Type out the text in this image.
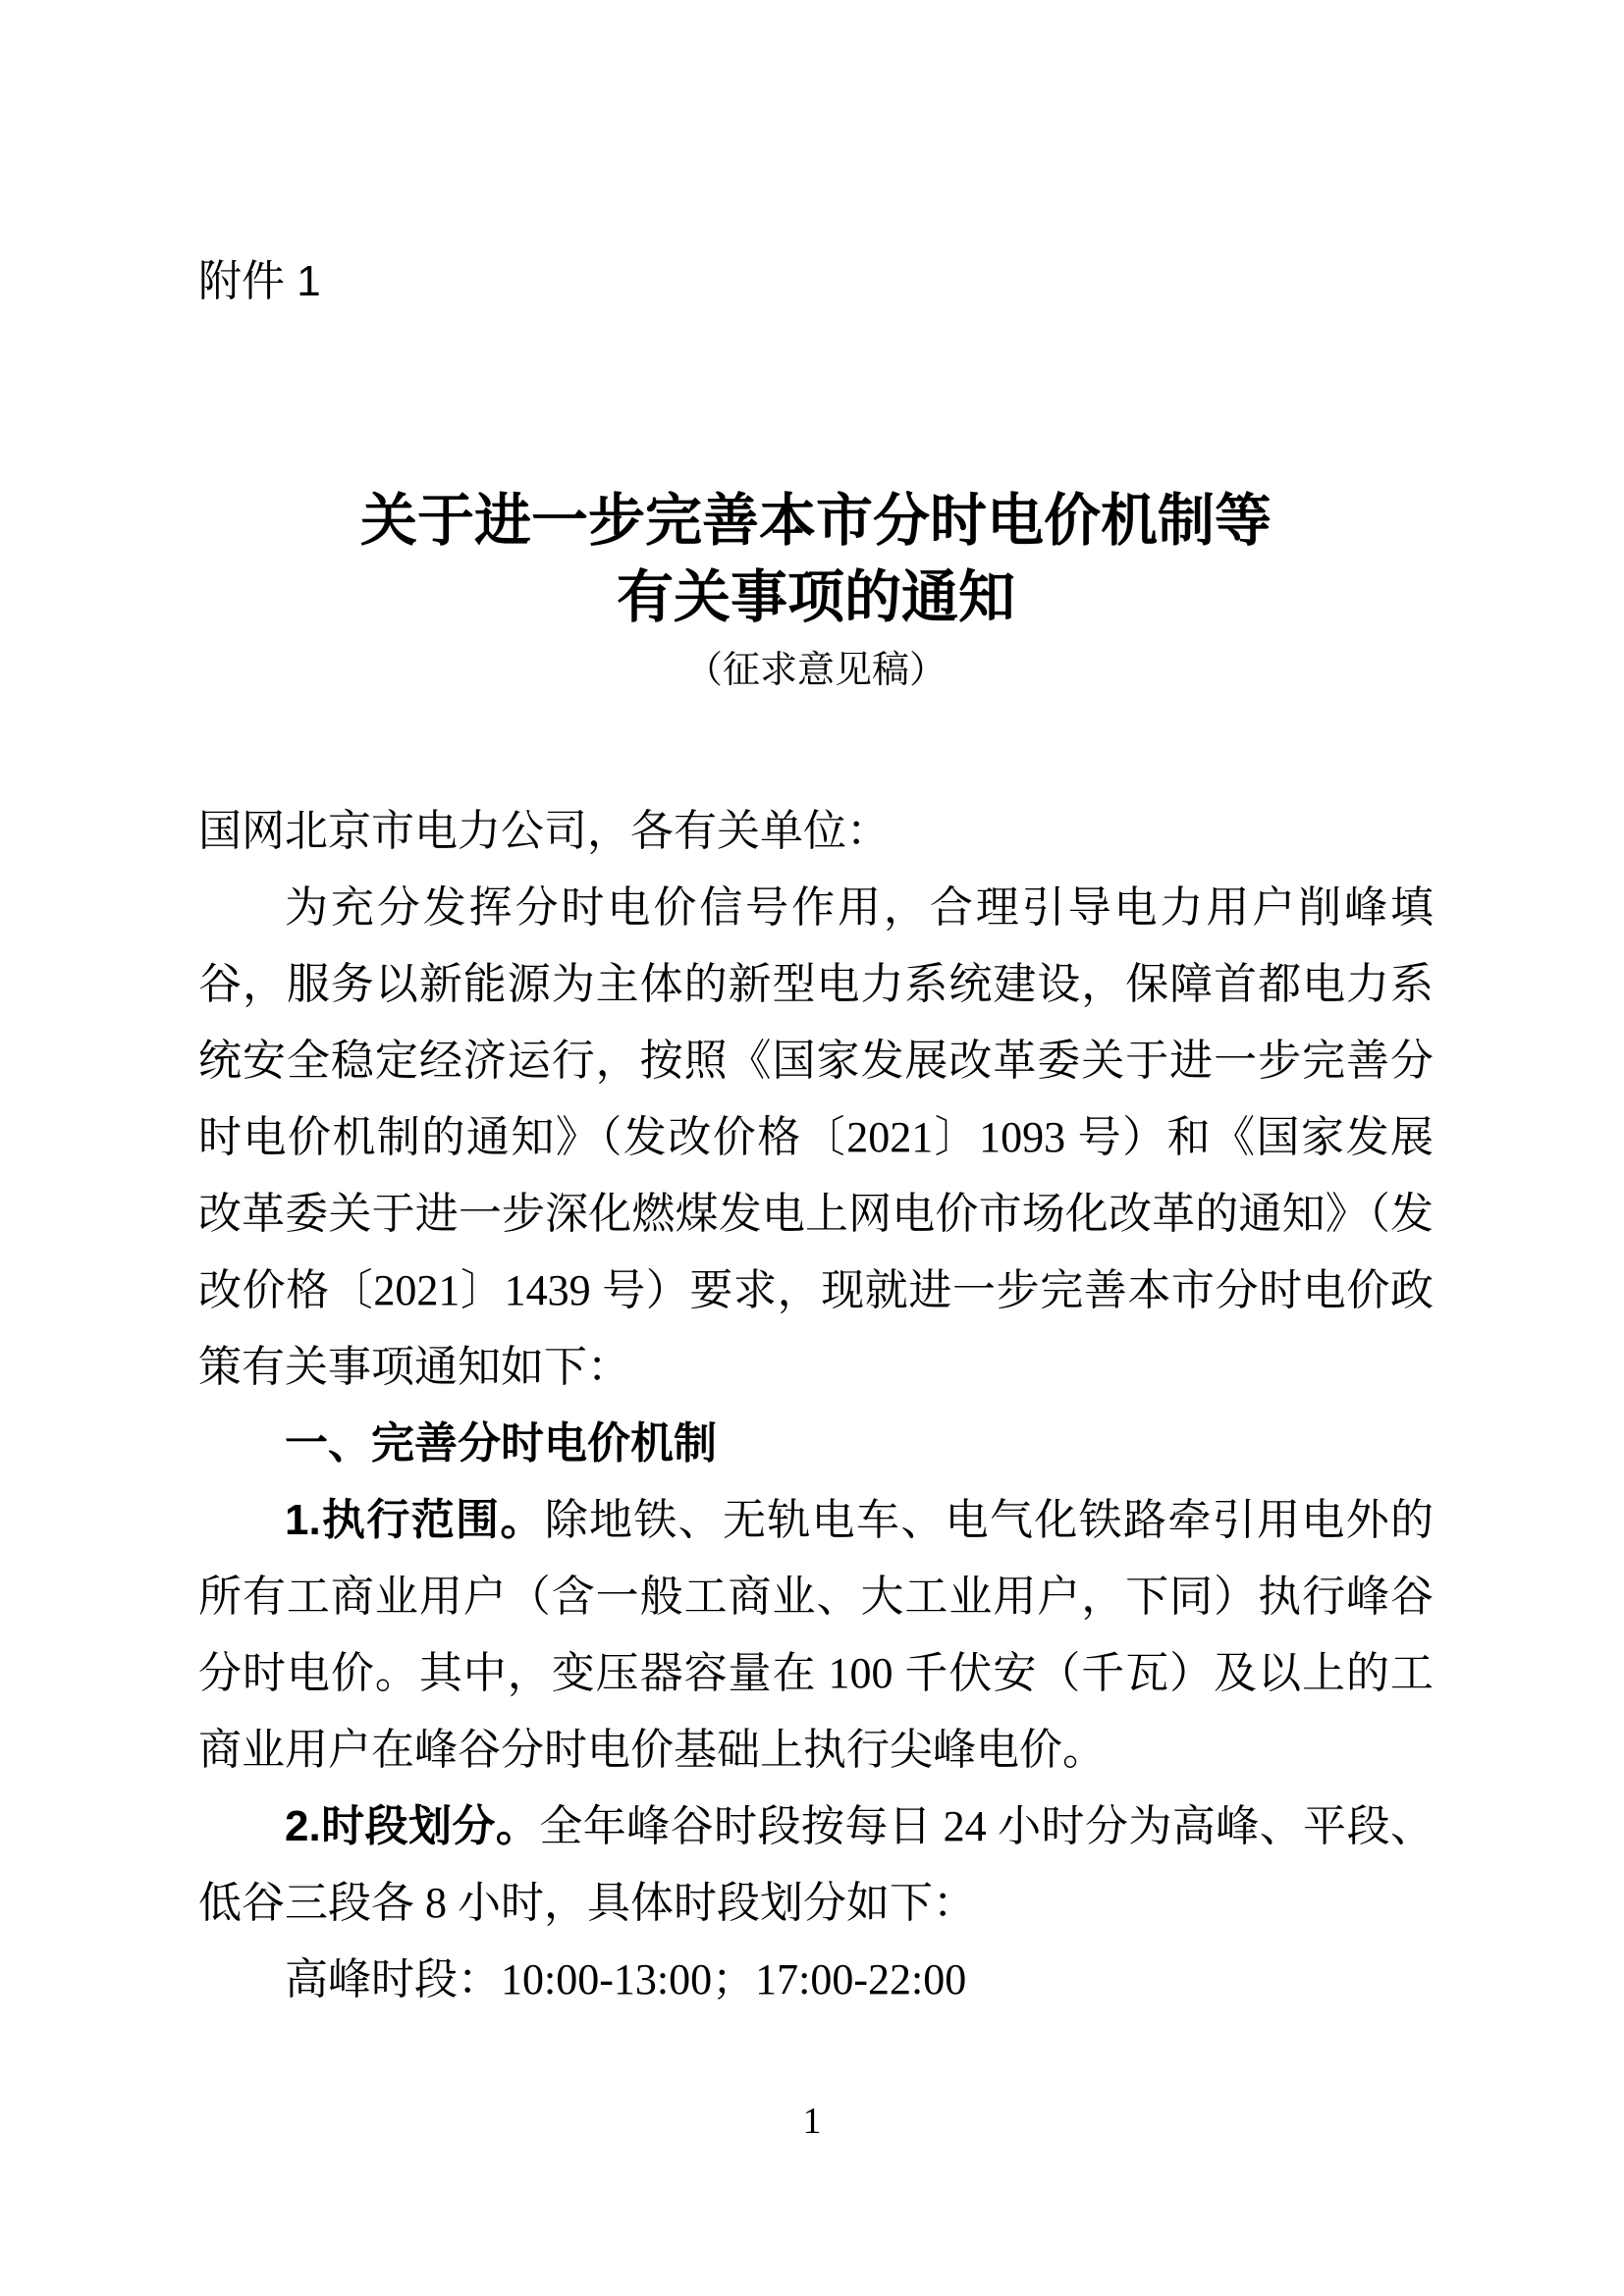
附件 1
关于进一步完善本市分时电价机制等
有关事项的通知
（征求意见稿）

国网北京市电力公司，各有关单位：

为充分发挥分时电价信号作用，合理引导电力用户削峰填谷，服务以新能源为主体的新型电力系统建设，保障首都电力系统安全稳定经济运行，按照《国家发展改革委关于进一步完善分时电价机制的通知》（发改价格〔2021〕1093 号）和《国家发展改革委关于进一步深化燃煤发电上网电价市场化改革的通知》（发改价格〔2021〕1439 号）要求，现就进一步完善本市分时电价政策有关事项通知如下：

一、完善分时电价机制

1.执行范围。除地铁、无轨电车、电气化铁路牵引用电外的所有工商业用户（含一般工商业、大工业用户，下同）执行峰谷分时电价。其中，变压器容量在 100 千伏安（千瓦）及以上的工商业用户在峰谷分时电价基础上执行尖峰电价。

2.时段划分。全年峰谷时段按每日 24 小时分为高峰、平段、低谷三段各 8 小时，具体时段划分如下：

高峰时段：10:00-13:00；17:00-22:00

1
